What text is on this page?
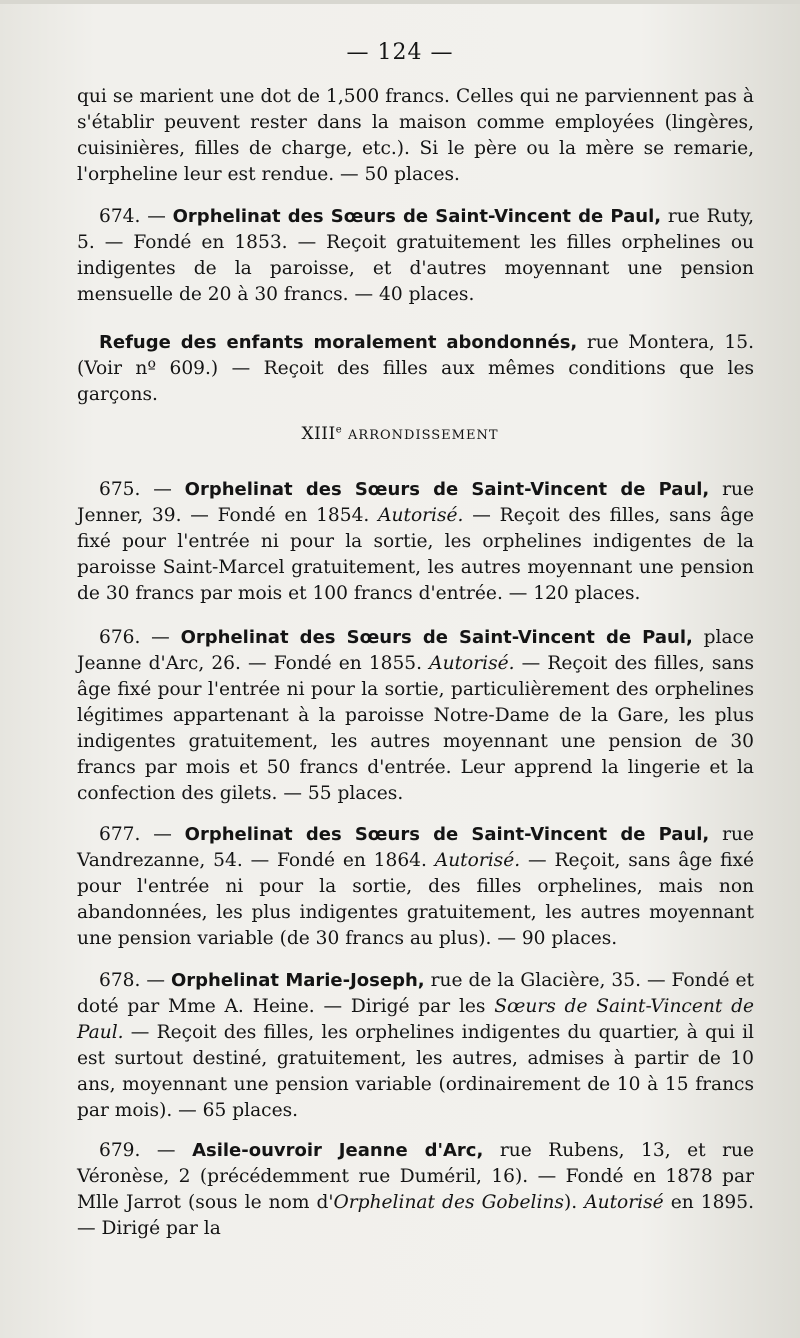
— 124 —

qui se marient une dot de 1,500 francs. Celles qui ne parviennent pas à s'établir peuvent rester dans la maison comme employées (lingères, cuisinières, filles de charge, etc.). Si le père ou la mère se remarie, l'orpheline leur est rendue. — 50 places.

674. — Orphelinat des Sœurs de Saint-Vincent de Paul, rue Ruty, 5. — Fondé en 1853. — Reçoit gratuitement les filles orphelines ou indigentes de la paroisse, et d'autres moyennant une pension mensuelle de 20 à 30 francs. — 40 places.

Refuge des enfants moralement abondonnés, rue Montera, 15. (Voir nº 609.) — Reçoit des filles aux mêmes conditions que les garçons.

XIIIe ARRONDISSEMENT

675. — Orphelinat des Sœurs de Saint-Vincent de Paul, rue Jenner, 39. — Fondé en 1854. Autorisé. — Reçoit des filles, sans âge fixé pour l'entrée ni pour la sortie, les orphelines indigentes de la paroisse Saint-Marcel gratuitement, les autres moyennant une pension de 30 francs par mois et 100 francs d'entrée. — 120 places.

676. — Orphelinat des Sœurs de Saint-Vincent de Paul, place Jeanne d'Arc, 26. — Fondé en 1855. Autorisé. — Reçoit des filles, sans âge fixé pour l'entrée ni pour la sortie, particulièrement des orphelines légitimes appartenant à la paroisse Notre-Dame de la Gare, les plus indigentes gratuitement, les autres moyennant une pension de 30 francs par mois et 50 francs d'entrée. Leur apprend la lingerie et la confection des gilets. — 55 places.

677. — Orphelinat des Sœurs de Saint-Vincent de Paul, rue Vandrezanne, 54. — Fondé en 1864. Autorisé. — Reçoit, sans âge fixé pour l'entrée ni pour la sortie, des filles orphelines, mais non abandonnées, les plus indigentes gratuitement, les autres moyennant une pension variable (de 30 francs au plus). — 90 places.

678. — Orphelinat Marie-Joseph, rue de la Glacière, 35. — Fondé et doté par Mme A. Heine. — Dirigé par les Sœurs de Saint-Vincent de Paul. — Reçoit des filles, les orphelines indigentes du quartier, à qui il est surtout destiné, gratuitement, les autres, admises à partir de 10 ans, moyennant une pension variable (ordinairement de 10 à 15 francs par mois). — 65 places.

679. — Asile-ouvroir Jeanne d'Arc, rue Rubens, 13, et rue Véronèse, 2 (précédemment rue Duméril, 16). — Fondé en 1878 par Mlle Jarrot (sous le nom d'Orphelinat des Gobelins). Autorisé en 1895. — Dirigé par la
